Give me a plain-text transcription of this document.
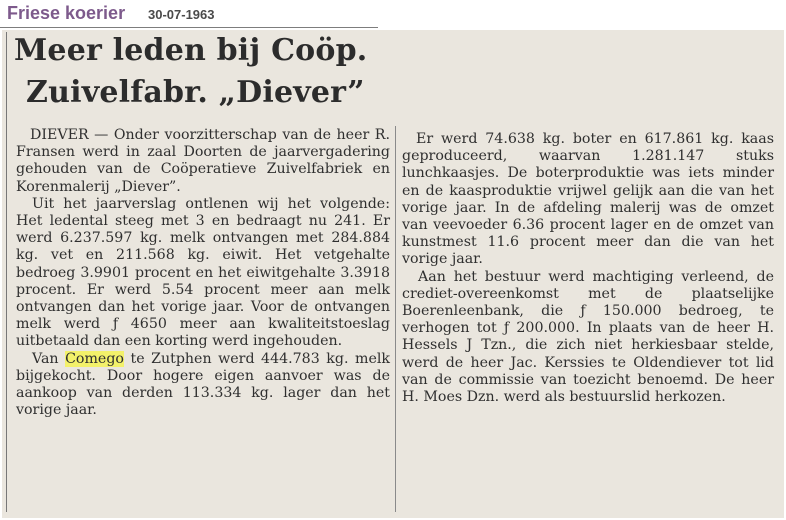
Friese koerier 30-07-1963
Meer leden bij Coöp.
Zuivelfabr. „Diever”

DIEVER — Onder voorzitterschap van de heer R. Fransen werd in zaal Doorten de jaarvergadering gehouden van de Coöperatieve Zuivelfabriek en Korenmalerij „Diever”.

Uit het jaarverslag ontlenen wij het volgende: Het ledental steeg met 3 en bedraagt nu 241. Er werd 6.237.597 kg. melk ontvangen met 284.884 kg. vet en 211.568 kg. eiwit. Het vetgehalte bedroeg 3.9901 procent en het eiwitgehalte 3.3918 procent. Er werd 5.54 procent meer aan melk ontvangen dan het vorige jaar. Voor de ontvangen melk werd ƒ 4650 meer aan kwaliteitstoeslag uitbetaald dan een korting werd ingehouden.

Van Comego te Zutphen werd 444.783 kg. melk bijgekocht. Door hogere eigen aanvoer was de aankoop van derden 113.334 kg. lager dan het vorige jaar.

Er werd 74.638 kg. boter en 617.861 kg. kaas geproduceerd, waarvan 1.281.147 stuks lunchkaasjes. De boterproduktie was iets minder en de kaasproduktie vrijwel gelijk aan die van het vorige jaar. In de afdeling malerij was de omzet van veevoeder 6.36 procent lager en de omzet van kunstmest 11.6 procent meer dan die van het vorige jaar.

Aan het bestuur werd machtiging verleend, de crediet-overeenkomst met de plaatselijke Boerenleenbank, die ƒ 150.000 bedroeg, te verhogen tot ƒ 200.000. In plaats van de heer H. Hessels J Tzn., die zich niet herkiesbaar stelde, werd de heer Jac. Kerssies te Oldendiever tot lid van de commissie van toezicht benoemd. De heer H. Moes Dzn. werd als bestuurslid herkozen.
